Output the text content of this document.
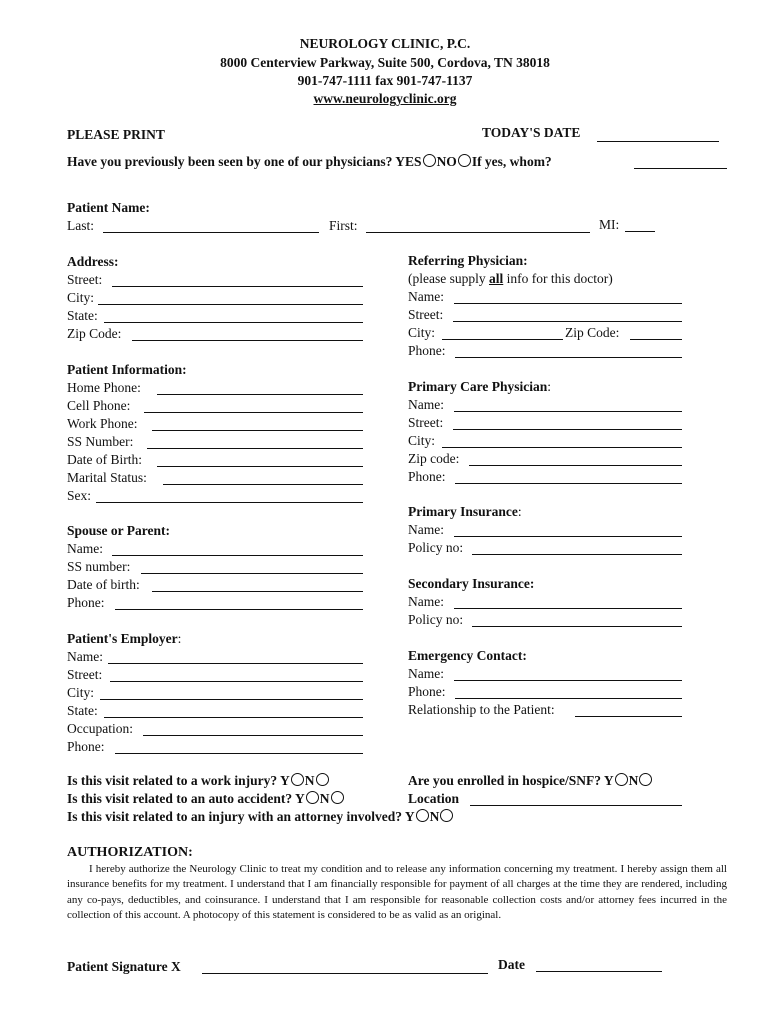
NEUROLOGY CLINIC, P.C.
8000 Centerview Parkway, Suite 500, Cordova, TN 38018
901-747-1111 fax 901-747-1137
www.neurologyclinic.org
PLEASE PRINT	TODAY'S DATE
Have you previously been seen by one of our physicians? YES NO If yes, whom?
Patient Name:
Last:	First:	MI:
Address:
Street:
City:
State:
Zip Code:
Referring Physician:
(please supply all info for this doctor)
Name:
Street:
City:	Zip Code:
Phone:
Patient Information:
Home Phone:
Cell Phone:
Work Phone:
SS Number:
Date of Birth:
Marital Status:
Sex:
Primary Care Physician:
Name:
Street:
City:
Zip code:
Phone:
Primary Insurance:
Name:
Policy no:
Spouse or Parent:
Name:
SS number:
Date of birth:
Phone:
Secondary Insurance:
Name:
Policy no:
Patient's Employer:
Name:
Street:
City:
State:
Occupation:
Phone:
Emergency Contact:
Name:
Phone:
Relationship to the Patient:
Is this visit related to a work injury? Y N	Are you enrolled in hospice/SNF? Y N
Is this visit related to an auto accident? Y N	Location
Is this visit related to an injury with an attorney involved? Y N
AUTHORIZATION:
I hereby authorize the Neurology Clinic to treat my condition and to release any information concerning my treatment. I hereby assign them all insurance benefits for my treatment. I understand that I am financially responsible for payment of all charges at the time they are rendered, including any co-pays, deductibles, and coinsurance. I understand that I am responsible for reasonable collection costs and/or attorney fees incurred in the collection of this account. A photocopy of this statement is considered to be as valid as an original.
Patient Signature X	Date
